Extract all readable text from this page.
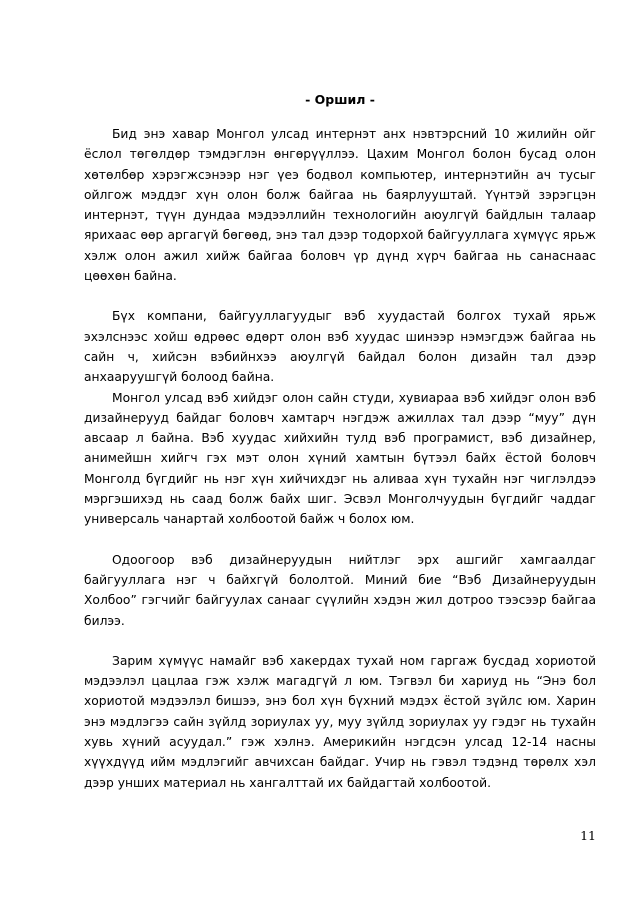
- Оршил -

Бид энэ хавар Монгол улсад интернэт анх нэвтэрсний 10 жилийн ойг ёслол төгөлдөр тэмдэглэн өнгөрүүллээ. Цахим Монгол болон бусад олон хөтөлбөр хэрэгжсэнээр нэг үеэ бодвол компьютер, интернэтийн ач тусыг ойлгож мэддэг хүн олон болж байгаа нь баярлууштай. Үүнтэй зэрэгцэн интернэт, түүн дундаа мэдээллийн технологийн аюулгүй байдлын талаар ярихаас өөр аргагүй бөгөөд, энэ тал дээр тодорхой байгууллага хүмүүс ярьж хэлж олон ажил хийж байгаа боловч үр дүнд хүрч байгаа нь санаснаас цөөхөн байна.

Бүх компани, байгууллагуудыг вэб хуудастай болгох тухай ярьж эхэлснээс хойш өдрөөс өдөрт олон вэб хуудас шинээр нэмэгдэж байгаа нь сайн ч, хийсэн вэбийнхээ аюулгүй байдал болон дизайн тал дээр анхааруушгүй болоод байна.

Монгол улсад вэб хийдэг олон сайн студи, хувиараа вэб хийдэг олон вэб дизайнерууд байдаг боловч хамтарч нэгдэж ажиллах тал дээр “муу” дүн авсаар л байна. Вэб хуудас хийхийн тулд вэб програмист, вэб дизайнер, анимейшн хийгч гэх мэт олон хүний хамтын бүтээл байх ёстой боловч Монголд бүгдийг нь нэг хүн хийчихдэг нь аливаа хүн тухайн нэг чиглэлдээ мэргэшихэд нь саад болж байх шиг. Эсвэл Монголчуудын бүгдийг чаддаг универсаль чанартай холбоотой байж ч болох юм.

Одоогоор вэб дизайнеруудын нийтлэг эрх ашгийг хамгаалдаг байгууллага нэг ч байхгүй бололтой. Миний бие “Вэб Дизайнеруудын Холбоо” гэгчийг байгуулах санааг сүүлийн хэдэн жил дотроо тээсээр байгаа билээ.

Зарим хүмүүс намайг вэб хакердах тухай ном гаргаж бусдад хориотой мэдээлэл цацлаа гэж хэлж магадгүй л юм. Тэгвэл би хариуд нь “Энэ бол хориотой мэдээлэл бишээ, энэ бол хүн бүхний мэдэх ёстой зүйлс юм. Харин энэ мэдлэгээ сайн зүйлд зориулах уу, муу зүйлд зориулах уу гэдэг нь тухайн хувь хүний асуудал.” гэж хэлнэ. Америкийн нэгдсэн улсад 12-14 насны хүүхдүүд ийм мэдлэгийг авчихсан байдаг. Учир нь гэвэл тэдэнд төрөлх хэл дээр унших материал нь хангалттай их байдагтай холбоотой.

11
